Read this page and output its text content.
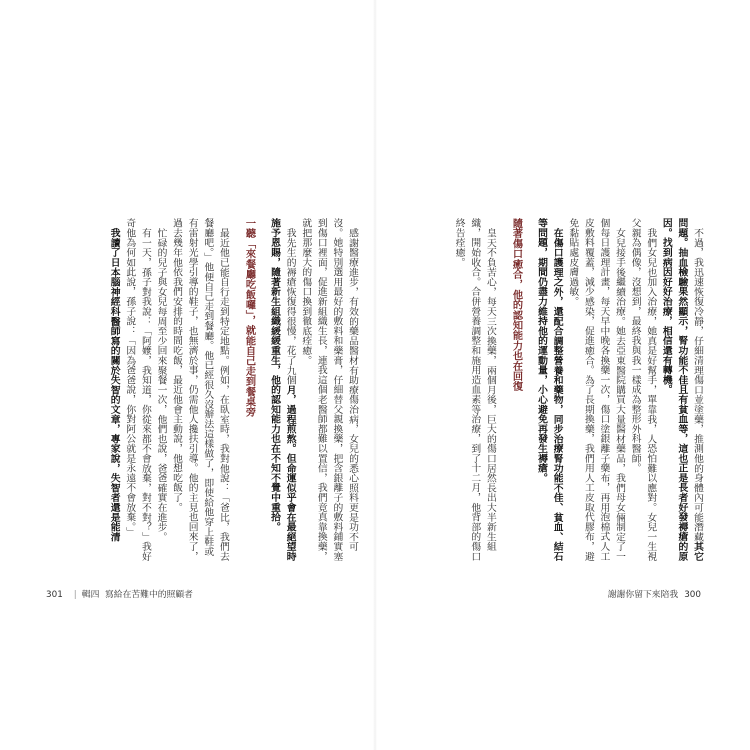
不過，我迅速恢復冷靜，仔細清理傷口並塗藥，推測他的身體內可能潛藏其它問題。抽血檢驗果然顯示，腎功能不佳且有貧血等，這也正是長者好發褥瘡的原因。找到病因好好治療，相信還有轉機。

我們女兒也加入治療，她真是好幫手，單靠我，人恐怕難以應對。女兒一生視父親為偶像，沒想到，最終我與我一樣成為整形外科醫師。

女兒接手後繼續治療。她去亞東醫院購買大量醫材藥品，我們母女倆制定了一個每日護理計畫，每天早中晚各換藥一次，傷口塗銀離子藥布，再用泡棉式人工皮敷料覆蓋，減少感染，促進癒合。為了長期換藥，我們用人工皮取代膠布，避免黏貼處皮膚過敏。

在傷口護理之外，還配合調整營養和藥物，同步治療腎功能不佳、貧血、結石等問題，期間仍盡力維持他的運動量，小心避免再發生褥瘡。

隨著傷口癒合，他的認知能力也在回復

皇天不負苦心，每天三次換藥，兩個月後，巨大的傷口居然長出大半新生組織，開始收合。合併營養調整和施用造血素等治療，到了十二月，他背部的傷口終告痊癒。

感謝醫療進步，有效的藥品醫材有助療傷治病，女兒的悉心照料更是功不可沒。她特別選用最好的敷料和藥膏，仔細替父親換藥，把含銀離子的敷料鋪實塞到傷口裡面，促進新組織生長，連我這個老醫師都難以置信，我們竟真靠換藥，就把那麼大的傷口換到徹底痊癒。

我先生的褥瘡恢復得很慢，花了九個月，過程煎熬。但命運似乎會在最絕望時施予恩賜，隨著新生組織緩緩重生，他的認知能力也在不知不覺中重拾。

一聽「來餐廳吃飯囉」，就能自己走到餐桌旁

最近他已能自行走到特定地點。例如，在臥室時，我對他說：「爸比，我們去餐廳吧。」他便自己走到餐廳。他已經很久沒辦法這樣做了，即使給他穿上鞋或有雷射光學引導的鞋子，也無濟於事，仍需他人攙扶引導。他的主見也回來了，過去幾年他依我們安排的時間吃飯，最近他會主動說，他想吃飯了。

忙碌的兒子與女兒每周至少回來聚餐一次，他們也說，爸爸確實在進步。

有一天，孫子對我說：「阿嬤，我知道，你從來都不會放棄，對不對？」我好奇他為何如此說，孫子說：「因為爸爸說，你對阿公就是永遠不會放棄。」

我讀了日本腦神經科醫師寫的關於失智的文章，專家說，失智者還是能清

301 | 輯四 寫給在苦難中的照顧者	謝謝你留下來陪我 300
